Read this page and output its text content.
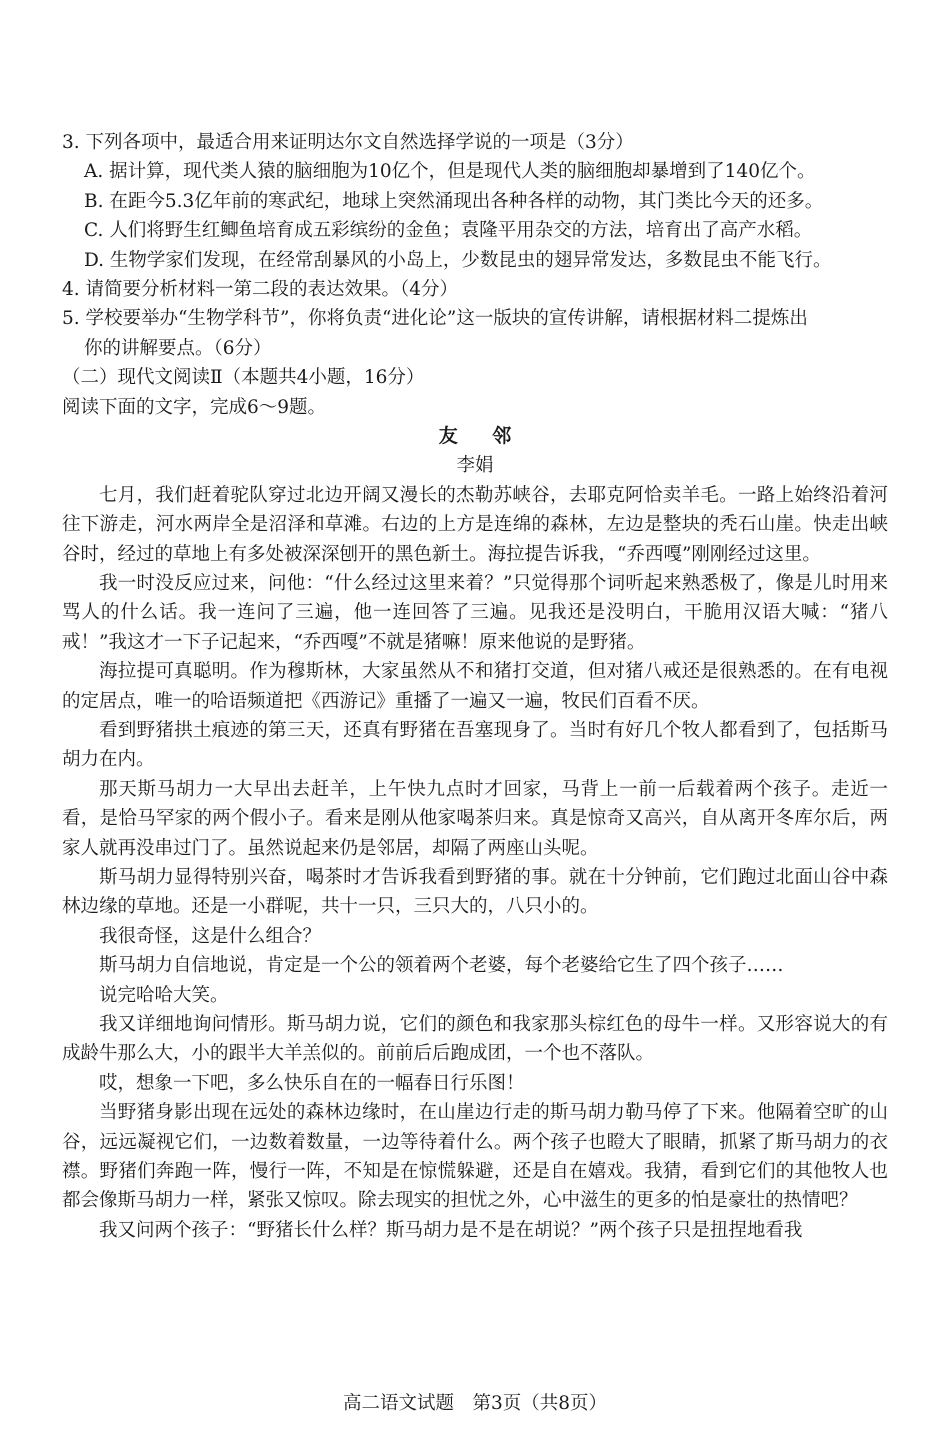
3. 下列各项中，最适合用来证明达尔文自然选择学说的一项是（3分）
A. 据计算，现代类人猿的脑细胞为10亿个，但是现代人类的脑细胞却暴增到了140亿个。
B. 在距今5.3亿年前的寒武纪，地球上突然涌现出各种各样的动物，其门类比今天的还多。
C. 人们将野生红鲫鱼培育成五彩缤纷的金鱼；袁隆平用杂交的方法，培育出了高产水稻。
D. 生物学家们发现，在经常刮暴风的小岛上，少数昆虫的翅异常发达，多数昆虫不能飞行。
4. 请简要分析材料一第二段的表达效果。（4分）
5. 学校要举办“生物学科节”，你将负责“进化论”这一版块的宣传讲解，请根据材料二提炼出
你的讲解要点。（6分）
（二）现代文阅读Ⅱ（本题共4小题，16分）
阅读下面的文字，完成6～9题。
友 邻
李娟

七月，我们赶着驼队穿过北边开阔又漫长的杰勒苏峡谷，去耶克阿恰卖羊毛。一路上始终沿着河往下游走，河水两岸全是沼泽和草滩。右边的上方是连绵的森林，左边是整块的秃石山崖。快走出峡谷时，经过的草地上有多处被深深刨开的黑色新土。海拉提告诉我，“乔西嘎”刚刚经过这里。

我一时没反应过来，问他：“什么经过这里来着？”只觉得那个词听起来熟悉极了，像是儿时用来骂人的什么话。我一连问了三遍，他一连回答了三遍。见我还是没明白，干脆用汉语大喊：“猪八戒！”我这才一下子记起来，“乔西嘎”不就是猪嘛！原来他说的是野猪。

海拉提可真聪明。作为穆斯林，大家虽然从不和猪打交道，但对猪八戒还是很熟悉的。在有电视的定居点，唯一的哈语频道把《西游记》重播了一遍又一遍，牧民们百看不厌。

看到野猪拱土痕迹的第三天，还真有野猪在吾塞现身了。当时有好几个牧人都看到了，包括斯马胡力在内。

那天斯马胡力一大早出去赶羊，上午快九点时才回家，马背上一前一后载着两个孩子。走近一看，是恰马罕家的两个假小子。看来是刚从他家喝茶归来。真是惊奇又高兴，自从离开冬库尔后，两家人就再没串过门了。虽然说起来仍是邻居，却隔了两座山头呢。

斯马胡力显得特别兴奋，喝茶时才告诉我看到野猪的事。就在十分钟前，它们跑过北面山谷中森林边缘的草地。还是一小群呢，共十一只，三只大的，八只小的。

我很奇怪，这是什么组合？

斯马胡力自信地说，肯定是一个公的领着两个老婆，每个老婆给它生了四个孩子……

说完哈哈大笑。

我又详细地询问情形。斯马胡力说，它们的颜色和我家那头棕红色的母牛一样。又形容说大的有成龄牛那么大，小的跟半大羊羔似的。前前后后跑成团，一个也不落队。

哎，想象一下吧，多么快乐自在的一幅春日行乐图！

当野猪身影出现在远处的森林边缘时，在山崖边行走的斯马胡力勒马停了下来。他隔着空旷的山谷，远远凝视它们，一边数着数量，一边等待着什么。两个孩子也瞪大了眼睛，抓紧了斯马胡力的衣襟。野猪们奔跑一阵，慢行一阵，不知是在惊慌躲避，还是自在嬉戏。我猜，看到它们的其他牧人也都会像斯马胡力一样，紧张又惊叹。除去现实的担忧之外，心中滋生的更多的怕是豪壮的热情吧？

我又问两个孩子：“野猪长什么样？斯马胡力是不是在胡说？”两个孩子只是扭捏地看我

高二语文试题　第3页（共8页）
